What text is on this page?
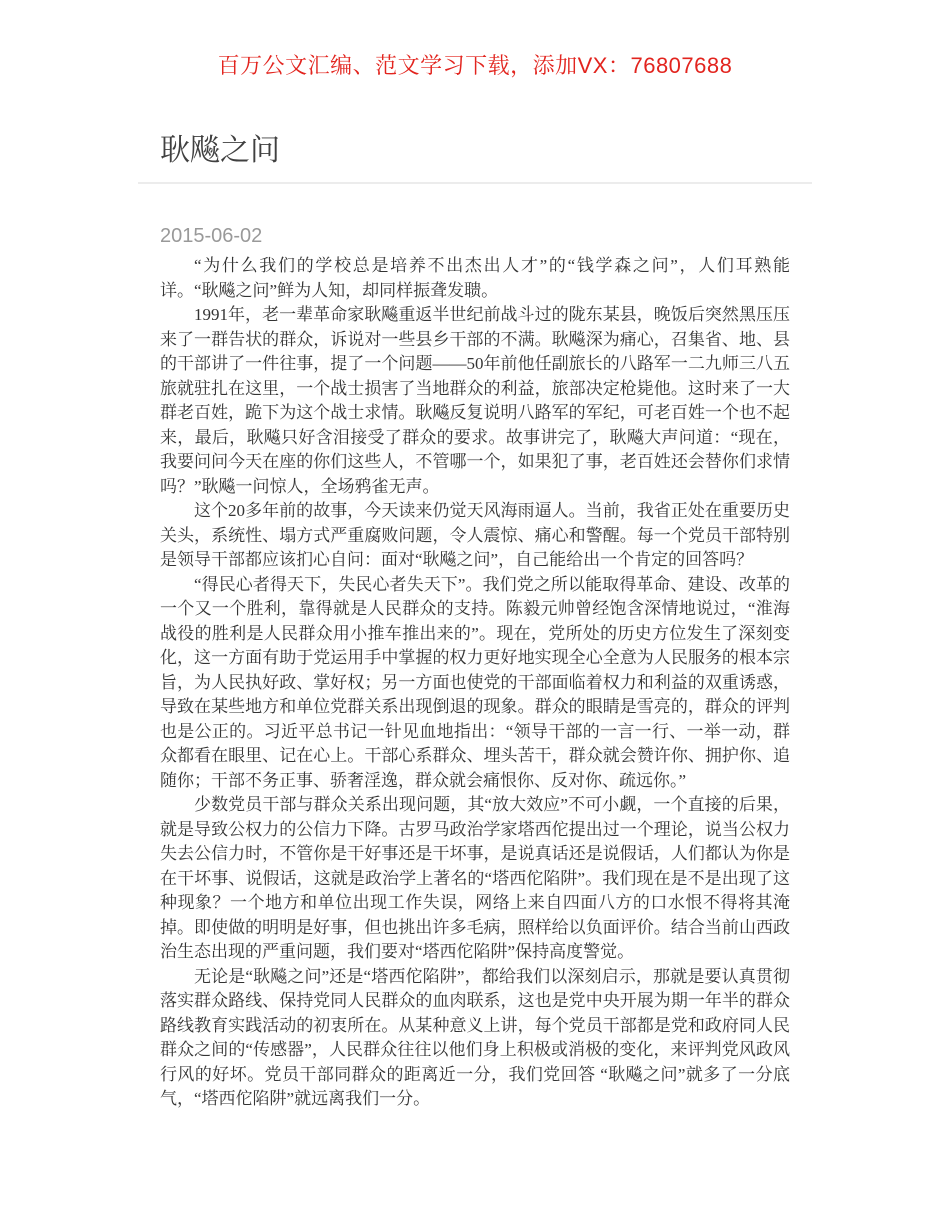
百万公文汇编、范文学习下载，添加VX：76807688
耿飚之问
2015-06-02

“为什么我们的学校总是培养不出杰出人才”的“钱学森之问”，人们耳熟能详。“耿飚之问”鲜为人知，却同样振聋发聩。

1991年，老一辈革命家耿飚重返半世纪前战斗过的陇东某县，晚饭后突然黑压压来了一群告状的群众，诉说对一些县乡干部的不满。耿飚深为痛心，召集省、地、县的干部讲了一件往事，提了一个问题——50年前他任副旅长的八路军一二九师三八五旅就驻扎在这里，一个战士损害了当地群众的利益，旅部决定枪毙他。这时来了一大群老百姓，跪下为这个战士求情。耿飚反复说明八路军的军纪，可老百姓一个也不起来，最后，耿飚只好含泪接受了群众的要求。故事讲完了，耿飚大声问道：“现在，我要问问今天在座的你们这些人，不管哪一个，如果犯了事，老百姓还会替你们求情吗？”耿飚一问惊人，全场鸦雀无声。

这个20多年前的故事，今天读来仍觉天风海雨逼人。当前，我省正处在重要历史关头，系统性、塌方式严重腐败问题，令人震惊、痛心和警醒。每一个党员干部特别是领导干部都应该扪心自问：面对“耿飚之问”，自己能给出一个肯定的回答吗？

“得民心者得天下，失民心者失天下”。我们党之所以能取得革命、建设、改革的一个又一个胜利，靠得就是人民群众的支持。陈毅元帅曾经饱含深情地说过，“淮海战役的胜利是人民群众用小推车推出来的”。现在，党所处的历史方位发生了深刻变化，这一方面有助于党运用手中掌握的权力更好地实现全心全意为人民服务的根本宗旨，为人民执好政、掌好权；另一方面也使党的干部面临着权力和利益的双重诱惑，导致在某些地方和单位党群关系出现倒退的现象。群众的眼睛是雪亮的，群众的评判也是公正的。习近平总书记一针见血地指出：“领导干部的一言一行、一举一动，群众都看在眼里、记在心上。干部心系群众、埋头苦干，群众就会赞许你、拥护你、追随你；干部不务正事、骄奢淫逸，群众就会痛恨你、反对你、疏远你。”

少数党员干部与群众关系出现问题，其“放大效应”不可小觑，一个直接的后果，就是导致公权力的公信力下降。古罗马政治学家塔西佗提出过一个理论，说当公权力失去公信力时，不管你是干好事还是干坏事，是说真话还是说假话，人们都认为你是在干坏事、说假话，这就是政治学上著名的“塔西佗陷阱”。我们现在是不是出现了这种现象？一个地方和单位出现工作失误，网络上来自四面八方的口水恨不得将其淹掉。即使做的明明是好事，但也挑出许多毛病，照样给以负面评价。结合当前山西政治生态出现的严重问题，我们要对“塔西佗陷阱”保持高度警觉。

无论是“耿飚之问”还是“塔西佗陷阱”，都给我们以深刻启示，那就是要认真贯彻落实群众路线、保持党同人民群众的血肉联系，这也是党中央开展为期一年半的群众路线教育实践活动的初衷所在。从某种意义上讲，每个党员干部都是党和政府同人民群众之间的“传感器”，人民群众往往以他们身上积极或消极的变化，来评判党风政风行风的好坏。党员干部同群众的距离近一分，我们党回答 “耿飚之问”就多了一分底气，“塔西佗陷阱”就远离我们一分。
